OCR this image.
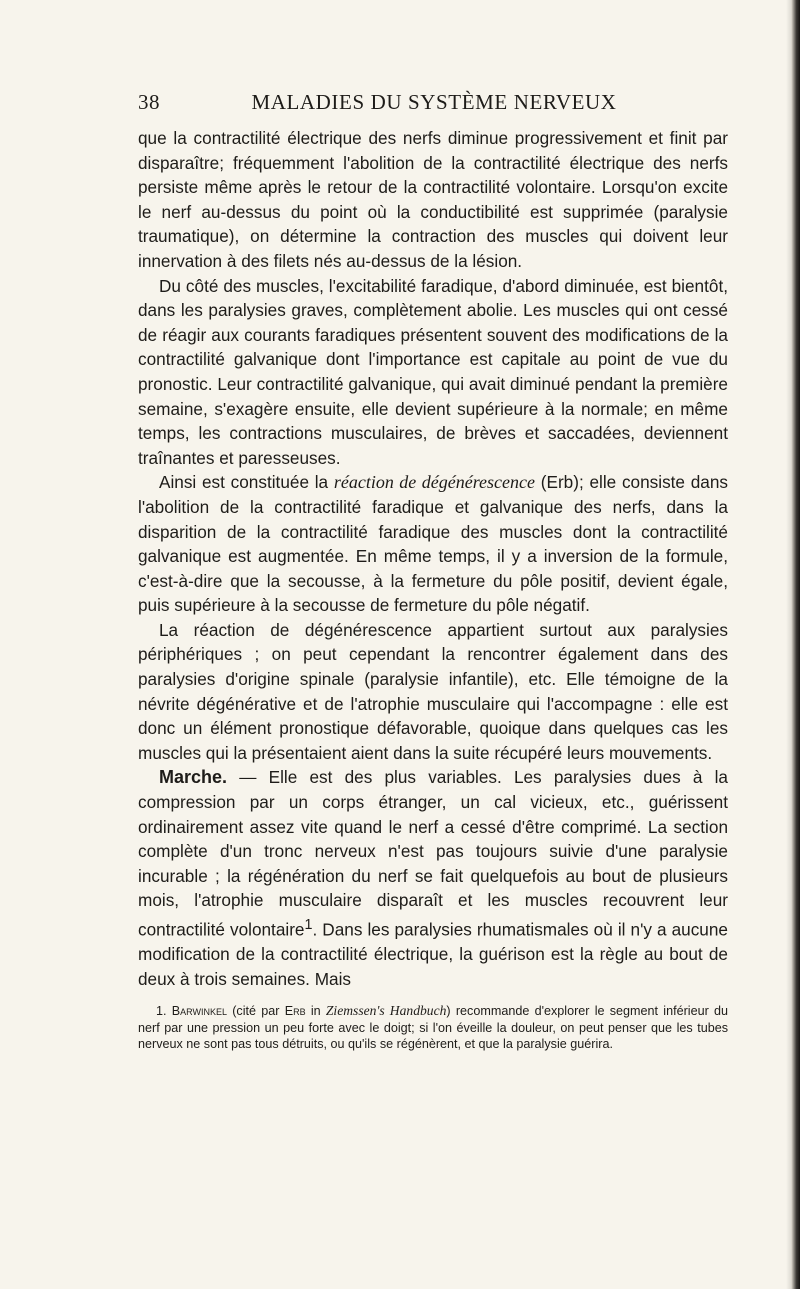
38	MALADIES DU SYSTÈME NERVEUX

que la contractilité électrique des nerfs diminue progressivement et finit par disparaître; fréquemment l'abolition de la contractilité électrique des nerfs persiste même après le retour de la contractilité volontaire. Lorsqu'on excite le nerf au-dessus du point où la conductibilité est supprimée (paralysie traumatique), on détermine la contraction des muscles qui doivent leur innervation à des filets nés au-dessus de la lésion.

Du côté des muscles, l'excitabilité faradique, d'abord diminuée, est bientôt, dans les paralysies graves, complètement abolie. Les muscles qui ont cessé de réagir aux courants faradiques présentent souvent des modifications de la contractilité galvanique dont l'importance est capitale au point de vue du pronostic. Leur contractilité galvanique, qui avait diminué pendant la première semaine, s'exagère ensuite, elle devient supérieure à la normale; en même temps, les contractions musculaires, de brèves et saccadées, deviennent traînantes et paresseuses.

Ainsi est constituée la réaction de dégénérescence (Erb); elle consiste dans l'abolition de la contractilité faradique et galvanique des nerfs, dans la disparition de la contractilité faradique des muscles dont la contractilité galvanique est augmentée. En même temps, il y a inversion de la formule, c'est-à-dire que la secousse, à la fermeture du pôle positif, devient égale, puis supérieure à la secousse de fermeture du pôle négatif.

La réaction de dégénérescence appartient surtout aux paralysies périphériques ; on peut cependant la rencontrer également dans des paralysies d'origine spinale (paralysie infantile), etc. Elle témoigne de la névrite dégénérative et de l'atrophie musculaire qui l'accompagne : elle est donc un élément pronostique défavorable, quoique dans quelques cas les muscles qui la présentaient aient dans la suite récupéré leurs mouvements.

Marche. — Elle est des plus variables. Les paralysies dues à la compression par un corps étranger, un cal vicieux, etc., guérissent ordinairement assez vite quand le nerf a cessé d'être comprimé. La section complète d'un tronc nerveux n'est pas toujours suivie d'une paralysie incurable ; la régénération du nerf se fait quelquefois au bout de plusieurs mois, l'atrophie musculaire disparaît et les muscles recouvrent leur contractilité volontaire$^1$. Dans les paralysies rhumatismales où il n'y a aucune modification de la contractilité électrique, la guérison est la règle au bout de deux à trois semaines. Mais

1. Barwinkel (cité par Erb in Ziemssen's Handbuch) recommande d'explorer le segment inférieur du nerf par une pression un peu forte avec le doigt; si l'on éveille la douleur, on peut penser que les tubes nerveux ne sont pas tous détruits, ou qu'ils se régénèrent, et que la paralysie guérira.
